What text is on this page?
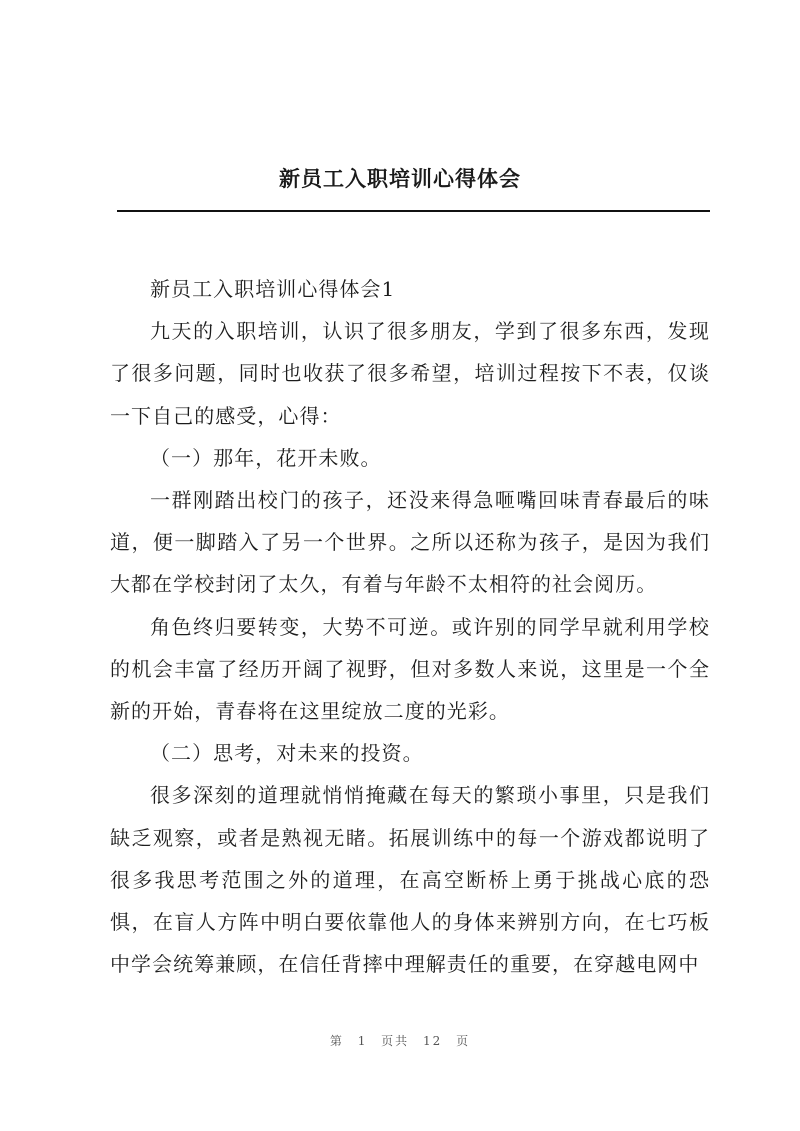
新员工入职培训心得体会

新员工入职培训心得体会1

九天的入职培训，认识了很多朋友，学到了很多东西，发现了很多问题，同时也收获了很多希望，培训过程按下不表，仅谈一下自己的感受，心得：

（一）那年，花开未败。

一群刚踏出校门的孩子，还没来得急咂嘴回味青春最后的味道，便一脚踏入了另一个世界。之所以还称为孩子，是因为我们大都在学校封闭了太久，有着与年龄不太相符的社会阅历。

角色终归要转变，大势不可逆。或许别的同学早就利用学校的机会丰富了经历开阔了视野，但对多数人来说，这里是一个全新的开始，青春将在这里绽放二度的光彩。

（二）思考，对未来的投资。

很多深刻的道理就悄悄掩藏在每天的繁琐小事里，只是我们缺乏观察，或者是熟视无睹。拓展训练中的每一个游戏都说明了很多我思考范围之外的道理，在高空断桥上勇于挑战心底的恐惧，在盲人方阵中明白要依靠他人的身体来辨别方向，在七巧板中学会统筹兼顾，在信任背摔中理解责任的重要，在穿越电网中

第 1 页共 12 页
